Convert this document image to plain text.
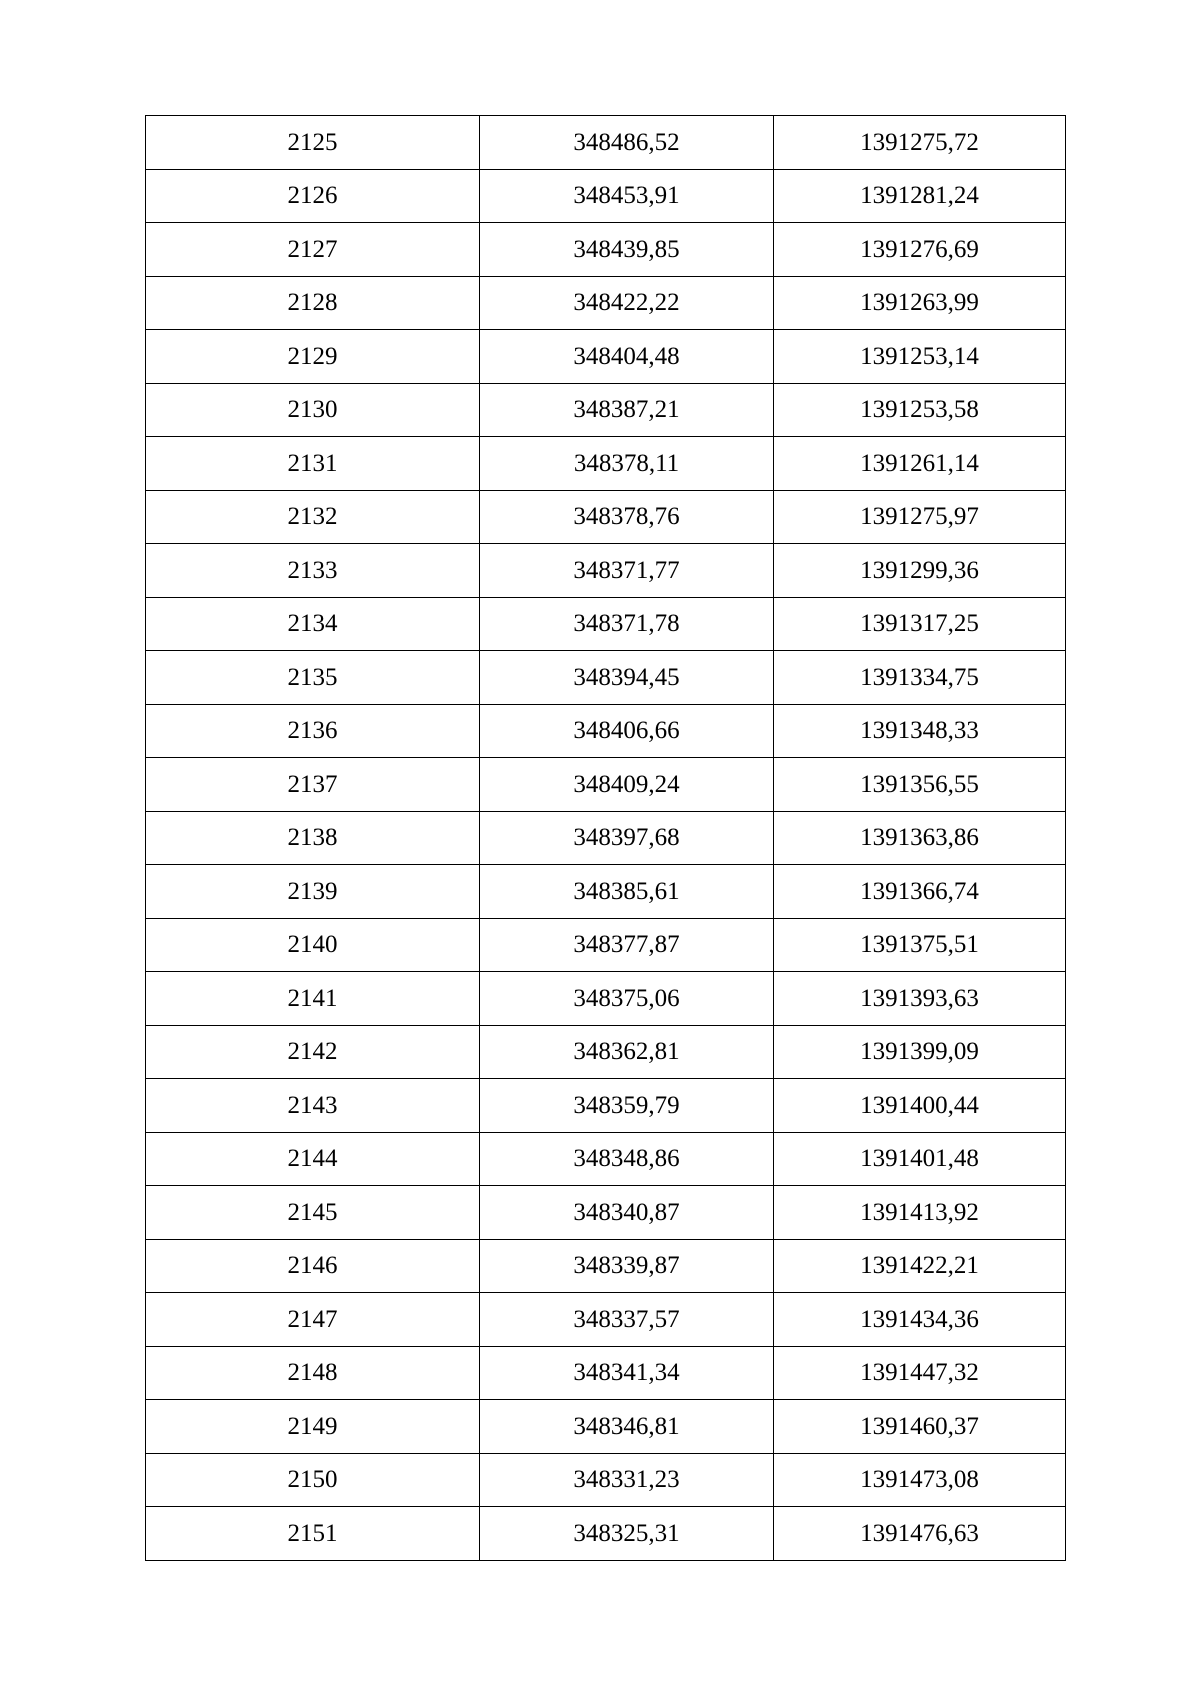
2125	348486,52	1391275,72
2126	348453,91	1391281,24
2127	348439,85	1391276,69
2128	348422,22	1391263,99
2129	348404,48	1391253,14
2130	348387,21	1391253,58
2131	348378,11	1391261,14
2132	348378,76	1391275,97
2133	348371,77	1391299,36
2134	348371,78	1391317,25
2135	348394,45	1391334,75
2136	348406,66	1391348,33
2137	348409,24	1391356,55
2138	348397,68	1391363,86
2139	348385,61	1391366,74
2140	348377,87	1391375,51
2141	348375,06	1391393,63
2142	348362,81	1391399,09
2143	348359,79	1391400,44
2144	348348,86	1391401,48
2145	348340,87	1391413,92
2146	348339,87	1391422,21
2147	348337,57	1391434,36
2148	348341,34	1391447,32
2149	348346,81	1391460,37
2150	348331,23	1391473,08
2151	348325,31	1391476,63
